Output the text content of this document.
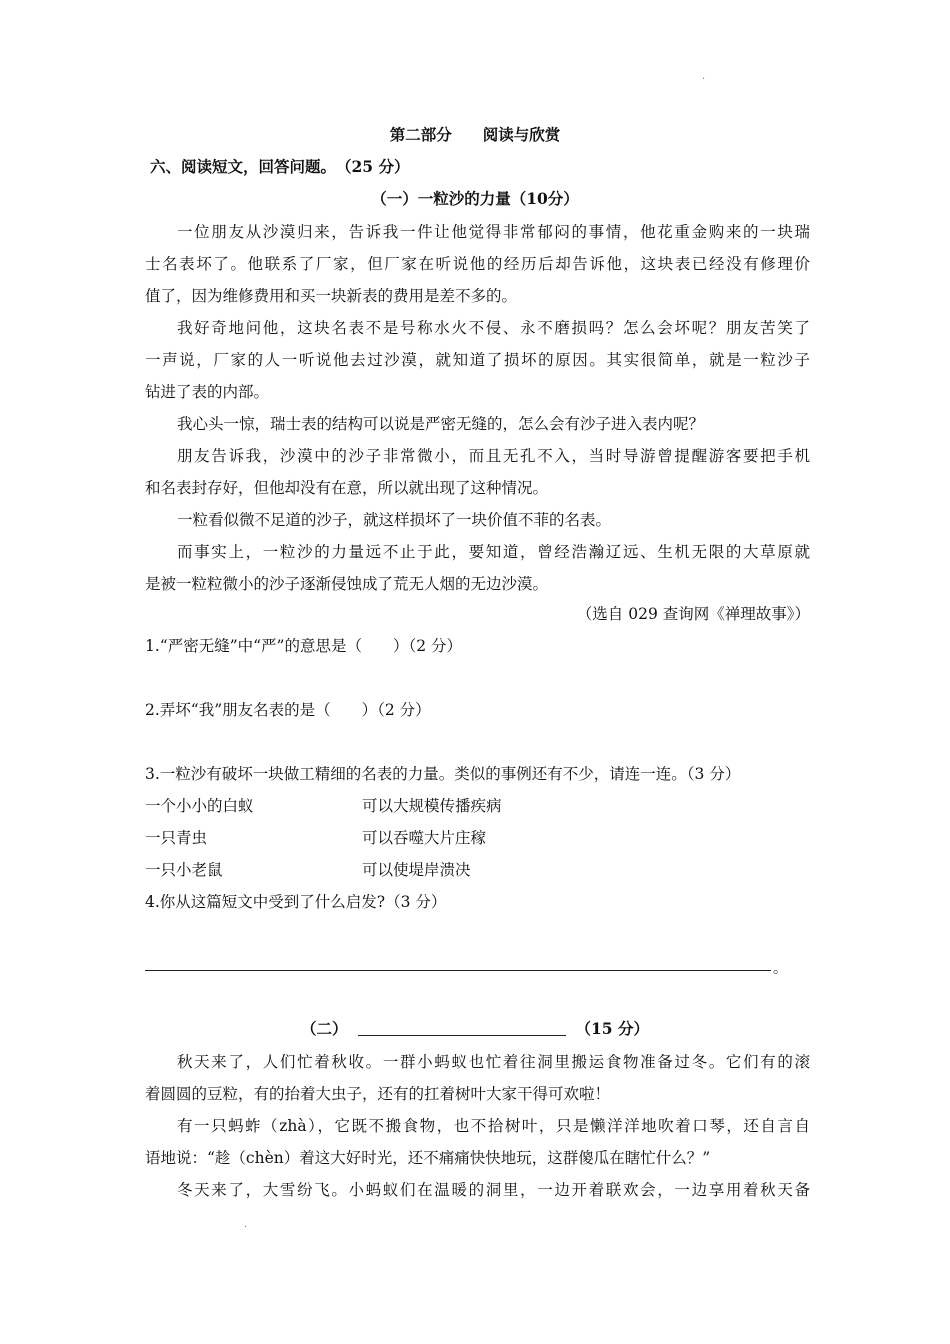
·
第二部分　　阅读与欣赏
六、阅读短文，回答问题。　（25 分）
（一）一粒沙的力量（10分）
一位朋友从沙漠归来，告诉我一件让他觉得非常郁闷的事情，他花重金购来的一块瑞
士名表坏了。他联系了厂家，但厂家在听说他的经历后却告诉他，这块表已经没有修理价
值了，因为维修费用和买一块新表的费用是差不多的。
我好奇地问他，这块名表不是号称水火不侵、永不磨损吗？怎么会坏呢？朋友苦笑了
一声说，厂家的人一听说他去过沙漠，就知道了损坏的原因。其实很简单，就是一粒沙子
钻进了表的内部。
我心头一惊，瑞士表的结构可以说是严密无缝的，怎么会有沙子进入表内呢？
朋友告诉我，沙漠中的沙子非常微小，而且无孔不入，当时导游曾提醒游客要把手机
和名表封存好，但他却没有在意，所以就出现了这种情况。
一粒看似微不足道的沙子，就这样损坏了一块价值不菲的名表。
而事实上，一粒沙的力量远不止于此，要知道，曾经浩瀚辽远、生机无限的大草原就
是被一粒粒微小的沙子逐渐侵蚀成了荒无人烟的无边沙漠。
（选自 029 查询网《禅理故事》）
1.“严密无缝”中“严”的意思是（　　）（2 分）
2.弄坏“我”朋友名表的是（　　）（2 分）
3.一粒沙有破坏一块做工精细的名表的力量。类似的事例还有不少，请连一连。（3 分）
一个小小的白蚁	可以大规模传播疾病
一只青虫	可以吞噬大片庄稼
一只小老鼠	可以使堤岸溃决
4.你从这篇短文中受到了什么启发?（3 分）
。
（二）	（15 分）
秋天来了，人们忙着秋收。一群小蚂蚁也忙着往洞里搬运食物准备过冬。它们有的滚
着圆圆的豆粒，有的抬着大虫子，还有的扛着树叶大家干得可欢啦！
有一只蚂蚱（zhà），它既不搬食物，也不拾树叶，只是懒洋洋地吹着口琴，还自言自
语地说：“趁（chèn）着这大好时光，还不痛痛快快地玩，这群傻瓜在瞎忙什么？”
冬天来了，大雪纷飞。小蚂蚁们在温暖的洞里，一边开着联欢会，一边享用着秋天备
·
